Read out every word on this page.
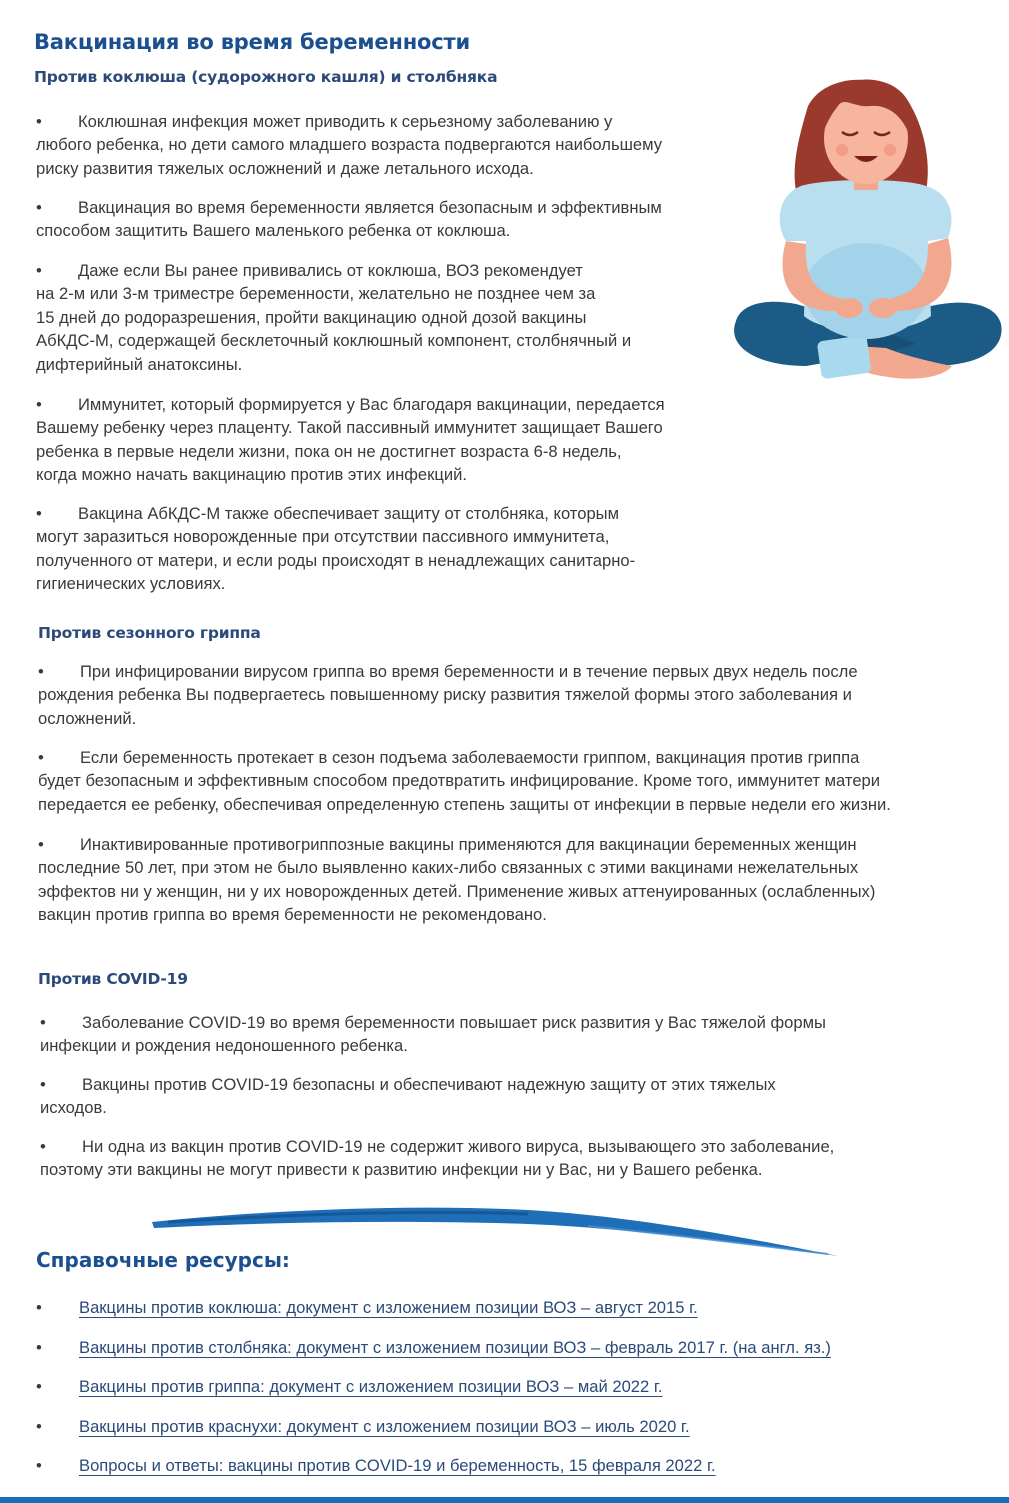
Вакцинация во время беременности
Против коклюша (судорожного кашля) и столбняка
• Коклюшная инфекция может приводить к серьезному заболеванию у
любого ребенка, но дети самого младшего возраста подвергаются наибольшему
риску развития тяжелых осложнений и даже летального исхода.
• Вакцинация во время беременности является безопасным и эффективным
способом защитить Вашего маленького ребенка от коклюша.
• Даже если Вы ранее прививались от коклюша, ВОЗ рекомендует
на 2-м или 3-м триместре беременности, желательно не позднее чем за
15 дней до родоразрешения, пройти вакцинацию одной дозой вакцины
АбКДС-М, содержащей бесклеточный коклюшный компонент, столбнячный и
дифтерийный анатоксины.
• Иммунитет, который формируется у Вас благодаря вакцинации, передается
Вашему ребенку через плаценту. Такой пассивный иммунитет защищает Вашего
ребенка в первые недели жизни, пока он не достигнет возраста 6-8 недель,
когда можно начать вакцинацию против этих инфекций.
• Вакцина АбКДС-М также обеспечивает защиту от столбняка, которым
могут заразиться новорожденные при отсутствии пассивного иммунитета,
полученного от матери, и если роды происходят в ненадлежащих санитарно-
гигиенических условиях.
Против сезонного гриппа
• При инфицировании вирусом гриппа во время беременности и в течение первых двух недель после
рождения ребенка Вы подвергаетесь повышенному риску развития тяжелой формы этого заболевания и
осложнений.
• Если беременность протекает в сезон подъема заболеваемости гриппом, вакцинация против гриппа
будет безопасным и эффективным способом предотвратить инфицирование. Кроме того, иммунитет матери
передается ее ребенку, обеспечивая определенную степень защиты от инфекции в первые недели его жизни.
• Инактивированные противогриппозные вакцины применяются для вакцинации беременных женщин
последние 50 лет, при этом не было выявленно каких-либо связанных с этими вакцинами нежелательных
эффектов ни у женщин, ни у их новорожденных детей. Применение живых аттенуированных (ослабленных)
вакцин против гриппа во время беременности не рекомендовано.
Против COVID-19
• Заболевание COVID-19 во время беременности повышает риск развития у Вас тяжелой формы
инфекции и рождения недоношенного ребенка.
• Вакцины против COVID-19 безопасны и обеспечивают надежную защиту от этих тяжелых
исходов.
• Ни одна из вакцин против COVID-19 не содержит живого вируса, вызывающего это заболевание,
поэтому эти вакцины не могут привести к развитию инфекции ни у Вас, ни у Вашего ребенка.
Справочные ресурсы:
• Вакцины против коклюша: документ с изложением позиции ВОЗ – август 2015 г.
• Вакцины против столбняка: документ с изложением позиции ВОЗ – февраль 2017 г. (на англ. яз.)
• Вакцины против гриппа: документ с изложением позиции ВОЗ – май 2022 г.
• Вакцины против краснухи: документ с изложением позиции ВОЗ – июль 2020 г.
• Вопросы и ответы: вакцины против COVID-19 и беременность, 15 февраля 2022 г.
